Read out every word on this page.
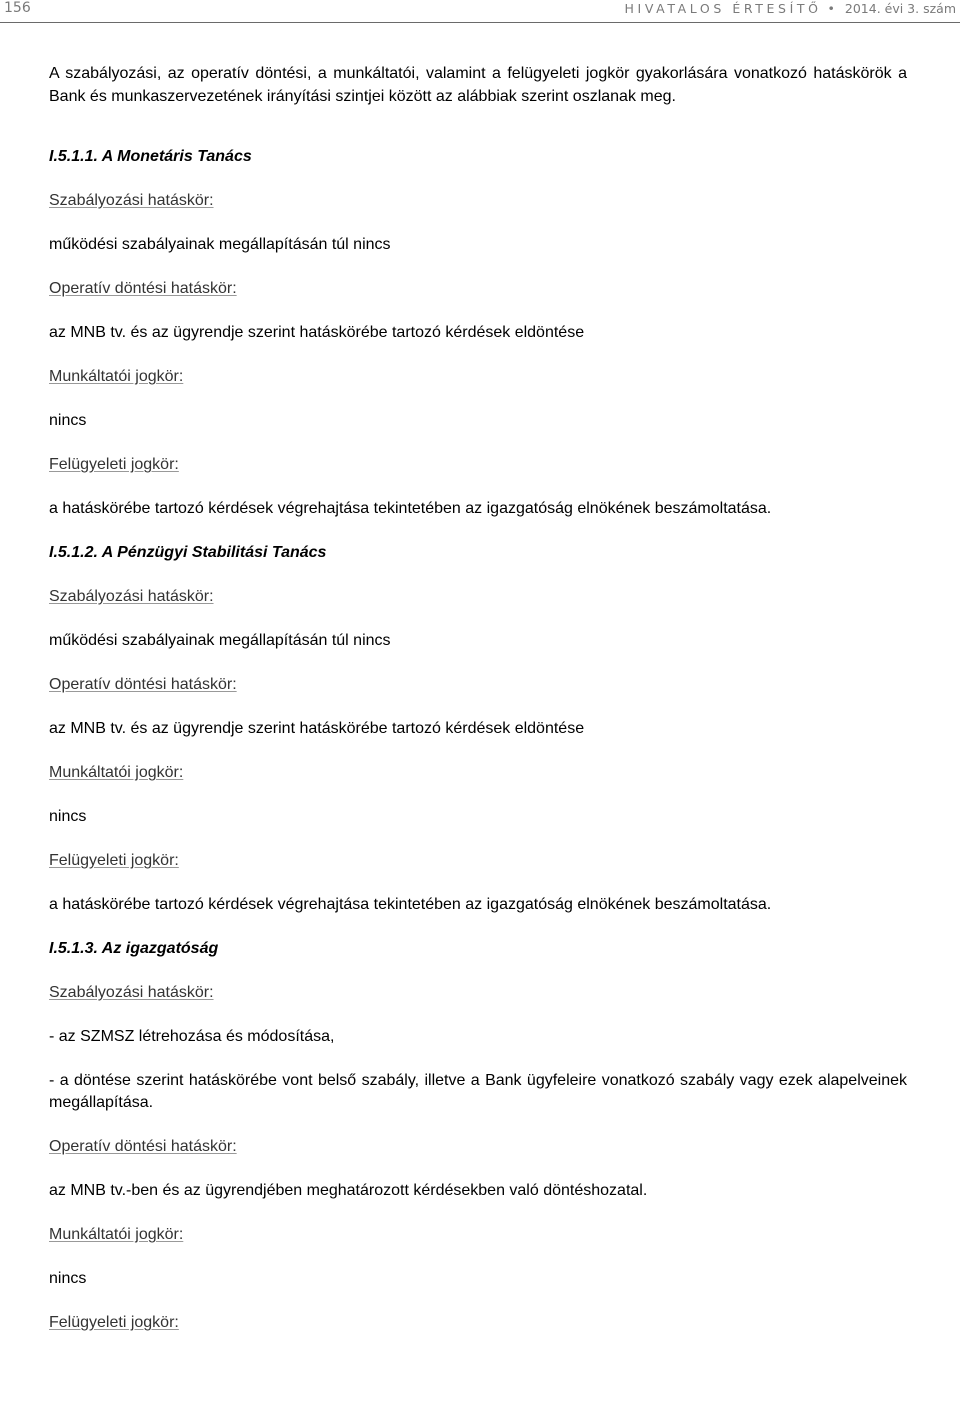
156	HIVATALOS ÉRTESÍTŐ • 2014. évi 3. szám

A szabályozási, az operatív döntési, a munkáltatói, valamint a felügyeleti jogkör gyakorlására vonatkozó hatáskörök a Bank és munkaszervezetének irányítási szintjei között az alábbiak szerint oszlanak meg.

I.5.1.1. A Monetáris Tanács

Szabályozási hatáskör:

működési szabályainak megállapításán túl nincs

Operatív döntési hatáskör:

az MNB tv. és az ügyrendje szerint hatáskörébe tartozó kérdések eldöntése

Munkáltatói jogkör:

nincs

Felügyeleti jogkör:

a hatáskörébe tartozó kérdések végrehajtása tekintetében az igazgatóság elnökének beszámoltatása.

I.5.1.2. A Pénzügyi Stabilitási Tanács

Szabályozási hatáskör:

működési szabályainak megállapításán túl nincs

Operatív döntési hatáskör:

az MNB tv. és az ügyrendje szerint hatáskörébe tartozó kérdések eldöntése

Munkáltatói jogkör:

nincs

Felügyeleti jogkör:

a hatáskörébe tartozó kérdések végrehajtása tekintetében az igazgatóság elnökének beszámoltatása.

I.5.1.3. Az igazgatóság

Szabályozási hatáskör:

- az SZMSZ létrehozása és módosítása,

- a döntése szerint hatáskörébe vont belső szabály, illetve a Bank ügyfeleire vonatkozó szabály vagy ezek alapelveinek megállapítása.

Operatív döntési hatáskör:

az MNB tv.-ben és az ügyrendjében meghatározott kérdésekben való döntéshozatal.

Munkáltatói jogkör:

nincs

Felügyeleti jogkör:
